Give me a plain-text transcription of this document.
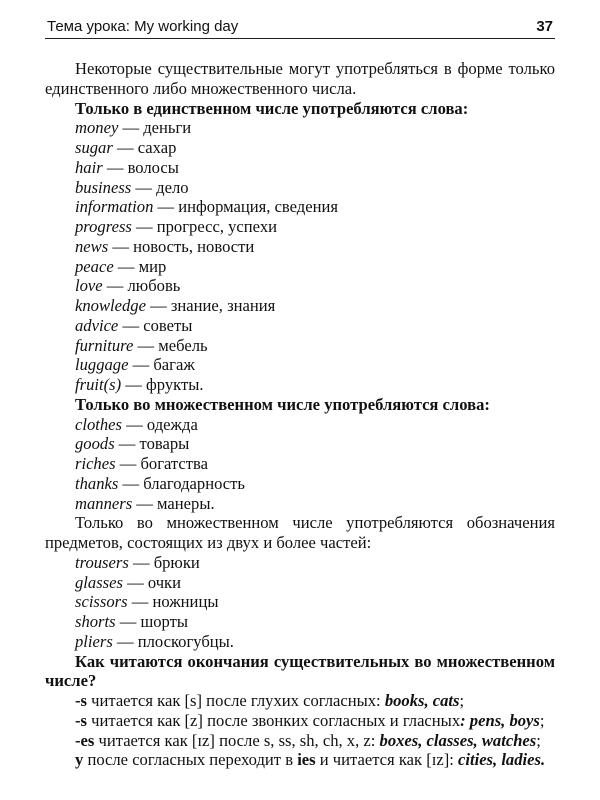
Тема урока: My working day	37

Некоторые существительные могут употребляться в форме только единственного либо множественного числа.

Только в единственном числе употребляются слова:

money — деньги
sugar — сахар
hair — волосы
business — дело
information — информация, сведения
progress — прогресс, успехи
news — новость, новости
peace — мир
love — любовь
knowledge — знание, знания
advice — советы
furniture — мебель
luggage — багаж
fruit(s) — фрукты.

Только во множественном числе употребляются слова:

clothes — одежда
goods — товары
riches — богатства
thanks — благодарность
manners — манеры.

Только во множественном числе употребляются обозначения предметов, состоящих из двух и более частей:

trousers — брюки
glasses — очки
scissors — ножницы
shorts — шорты
pliers — плоскогубцы.

Как читаются окончания существительных во множественном числе?

-s читается как [s] после глухих согласных: books, cats;

-s читается как [z] после звонких согласных и гласных: pens, boys;

-es читается как [ɪz] после s, ss, sh, ch, x, z: boxes, classes, watches;

y после согласных переходит в ies и читается как [ɪz]: cities, ladies.
